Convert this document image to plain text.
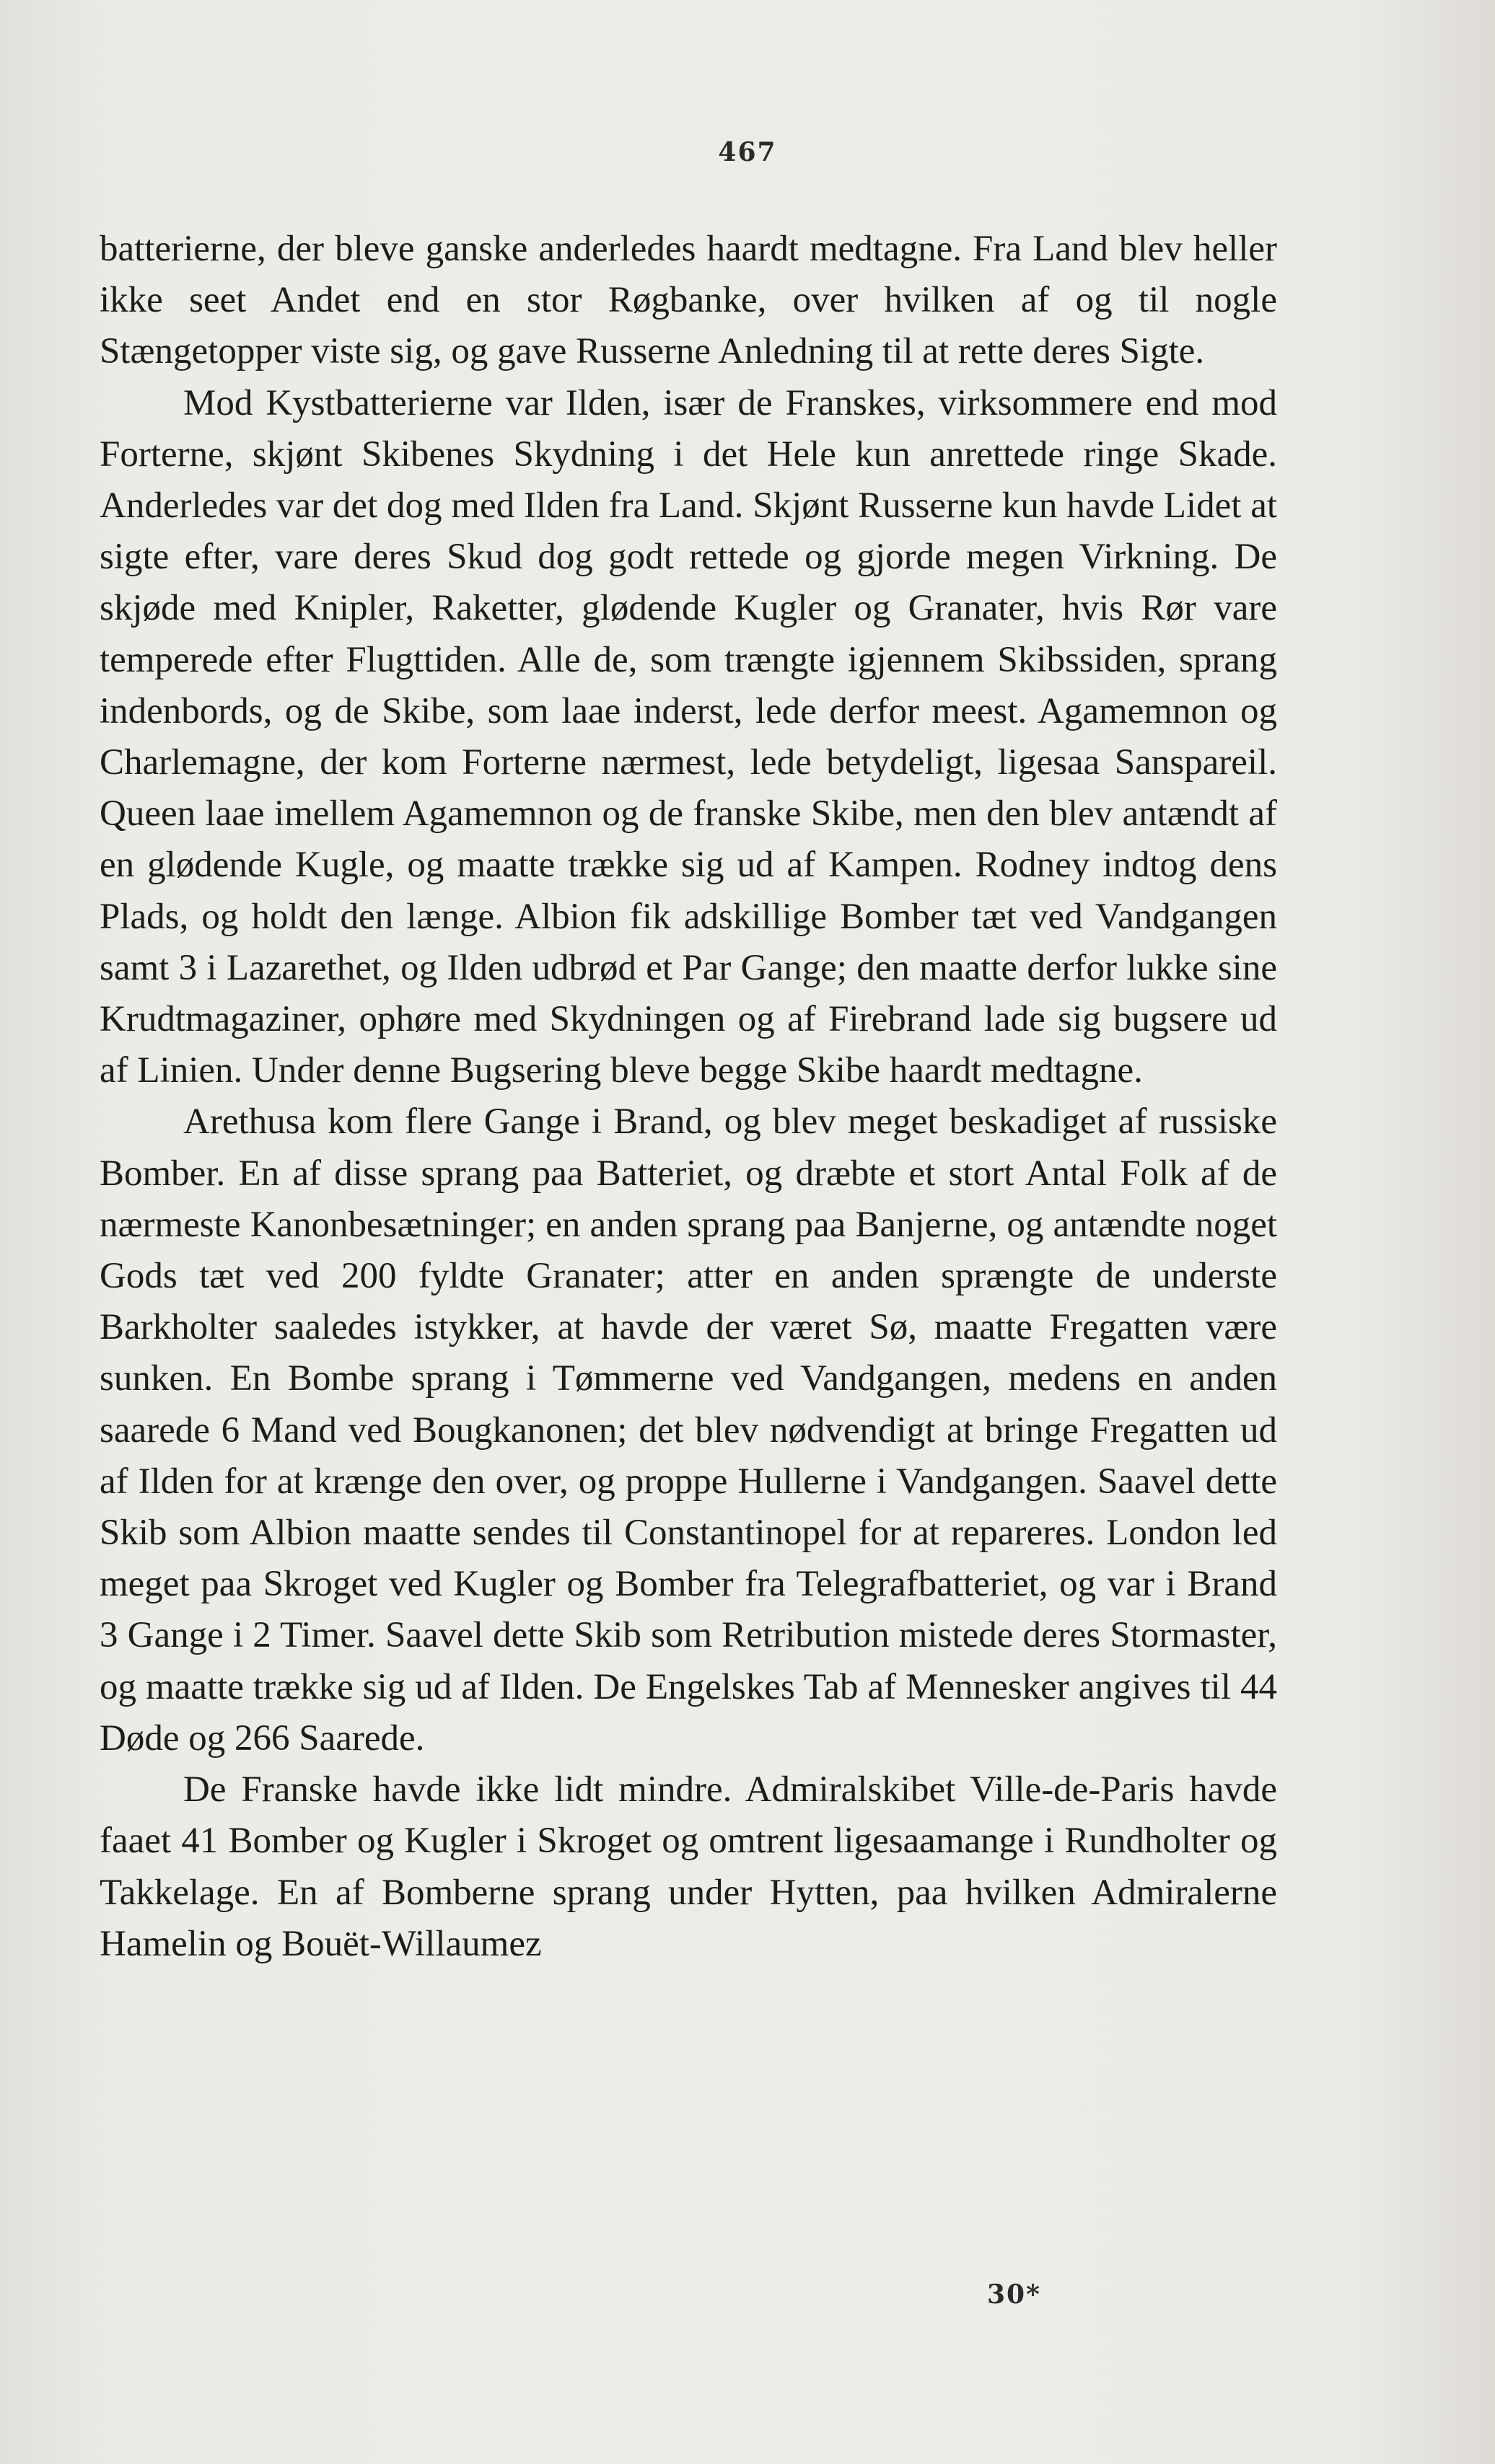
467

batterierne, der bleve ganske anderledes haardt medtagne. Fra Land blev heller ikke seet Andet end en stor Røgbanke, over hvilken af og til nogle Stængetopper viste sig, og gave Russerne Anledning til at rette deres Sigte.

Mod Kystbatterierne var Ilden, især de Franskes, virksommere end mod Forterne, skjønt Skibenes Skydning i det Hele kun anrettede ringe Skade. Anderledes var det dog med Ilden fra Land. Skjønt Russerne kun havde Lidet at sigte efter, vare deres Skud dog godt rettede og gjorde megen Virkning. De skjøde med Knipler, Raketter, glødende Kugler og Granater, hvis Rør vare temperede efter Flugttiden. Alle de, som trængte igjennem Skibssiden, sprang indenbords, og de Skibe, som laae inderst, lede derfor meest. Agamemnon og Charlemagne, der kom Forterne nærmest, lede betydeligt, ligesaa Sanspareil. Queen laae imellem Agamemnon og de franske Skibe, men den blev antændt af en glødende Kugle, og maatte trække sig ud af Kampen. Rodney indtog dens Plads, og holdt den længe. Albion fik adskillige Bomber tæt ved Vandgangen samt 3 i Lazarethet, og Ilden udbrød et Par Gange; den maatte derfor lukke sine Krudtmagaziner, ophøre med Skydningen og af Firebrand lade sig bugsere ud af Linien. Under denne Bugsering bleve begge Skibe haardt medtagne.

Arethusa kom flere Gange i Brand, og blev meget beskadiget af russiske Bomber. En af disse sprang paa Batteriet, og dræbte et stort Antal Folk af de nærmeste Kanonbesætninger; en anden sprang paa Banjerne, og antændte noget Gods tæt ved 200 fyldte Granater; atter en anden sprængte de underste Barkholter saaledes istykker, at havde der været Sø, maatte Fregatten være sunken. En Bombe sprang i Tømmerne ved Vandgangen, medens en anden saarede 6 Mand ved Bougkanonen; det blev nødvendigt at bringe Fregatten ud af Ilden for at krænge den over, og proppe Hullerne i Vandgangen. Saavel dette Skib som Albion maatte sendes til Constantinopel for at repareres. London led meget paa Skroget ved Kugler og Bomber fra Telegrafbatteriet, og var i Brand 3 Gange i 2 Timer. Saavel dette Skib som Retribution mistede deres Stormaster, og maatte trække sig ud af Ilden. De Engelskes Tab af Mennesker angives til 44 Døde og 266 Saarede.

De Franske havde ikke lidt mindre. Admiralskibet Ville-de-Paris havde faaet 41 Bomber og Kugler i Skroget og omtrent ligesaamange i Rundholter og Takkelage. En af Bomberne sprang under Hytten, paa hvilken Admiralerne Hamelin og Bouët-Willaumez

30*
